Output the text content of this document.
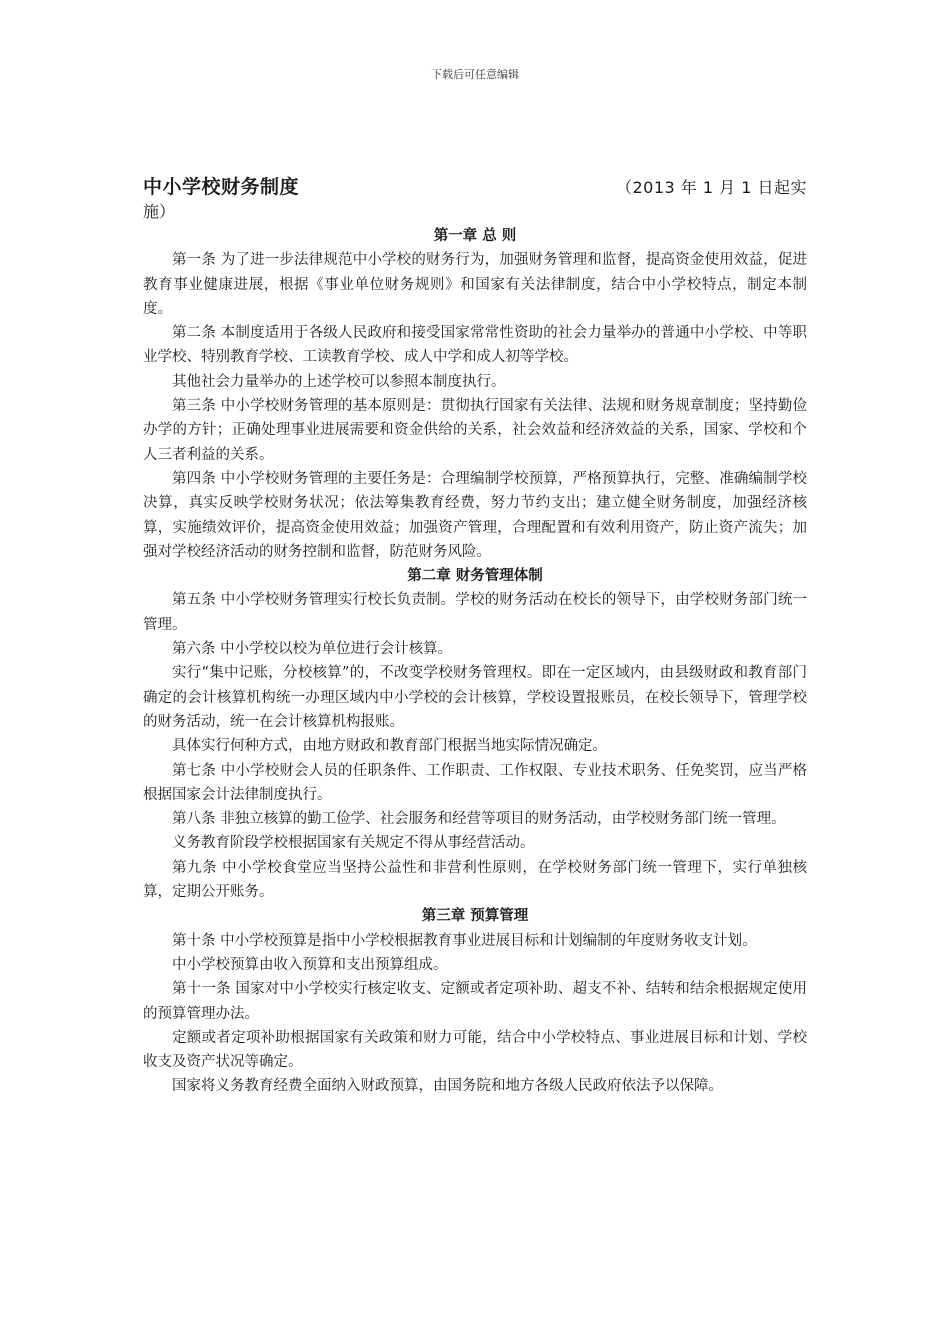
下载后可任意编辑
中小学校财务制度	（2013 年 1 月 1 日起实
施）
第一章 总 则

第一条 为了进一步法律规范中小学校的财务行为，加强财务管理和监督，提高资金使用效益，促进教育事业健康进展，根据《事业单位财务规则》和国家有关法律制度，结合中小学校特点，制定本制度。

第二条 本制度适用于各级人民政府和接受国家常常性资助的社会力量举办的普通中小学校、中等职业学校、特别教育学校、工读教育学校、成人中学和成人初等学校。

其他社会力量举办的上述学校可以参照本制度执行。

第三条 中小学校财务管理的基本原则是：贯彻执行国家有关法律、法规和财务规章制度；坚持勤俭办学的方针；正确处理事业进展需要和资金供给的关系，社会效益和经济效益的关系，国家、学校和个人三者利益的关系。

第四条 中小学校财务管理的主要任务是：合理编制学校预算，严格预算执行，完整、准确编制学校决算，真实反映学校财务状况；依法筹集教育经费，努力节约支出；建立健全财务制度，加强经济核算，实施绩效评价，提高资金使用效益；加强资产管理，合理配置和有效利用资产，防止资产流失；加强对学校经济活动的财务控制和监督，防范财务风险。

第二章 财务管理体制

第五条 中小学校财务管理实行校长负责制。学校的财务活动在校长的领导下，由学校财务部门统一管理。

第六条 中小学校以校为单位进行会计核算。

实行“集中记账，分校核算”的，不改变学校财务管理权。即在一定区域内，由县级财政和教育部门确定的会计核算机构统一办理区域内中小学校的会计核算，学校设置报账员，在校长领导下，管理学校的财务活动，统一在会计核算机构报账。

具体实行何种方式，由地方财政和教育部门根据当地实际情况确定。

第七条 中小学校财会人员的任职条件、工作职责、工作权限、专业技术职务、任免奖罚，应当严格根据国家会计法律制度执行。

第八条 非独立核算的勤工俭学、社会服务和经营等项目的财务活动，由学校财务部门统一管理。

义务教育阶段学校根据国家有关规定不得从事经营活动。

第九条 中小学校食堂应当坚持公益性和非营利性原则，在学校财务部门统一管理下，实行单独核算，定期公开账务。

第三章 预算管理

第十条 中小学校预算是指中小学校根据教育事业进展目标和计划编制的年度财务收支计划。

中小学校预算由收入预算和支出预算组成。

第十一条 国家对中小学校实行核定收支、定额或者定项补助、超支不补、结转和结余根据规定使用的预算管理办法。

定额或者定项补助根据国家有关政策和财力可能，结合中小学校特点、事业进展目标和计划、学校收支及资产状况等确定。

国家将义务教育经费全面纳入财政预算，由国务院和地方各级人民政府依法予以保障。
